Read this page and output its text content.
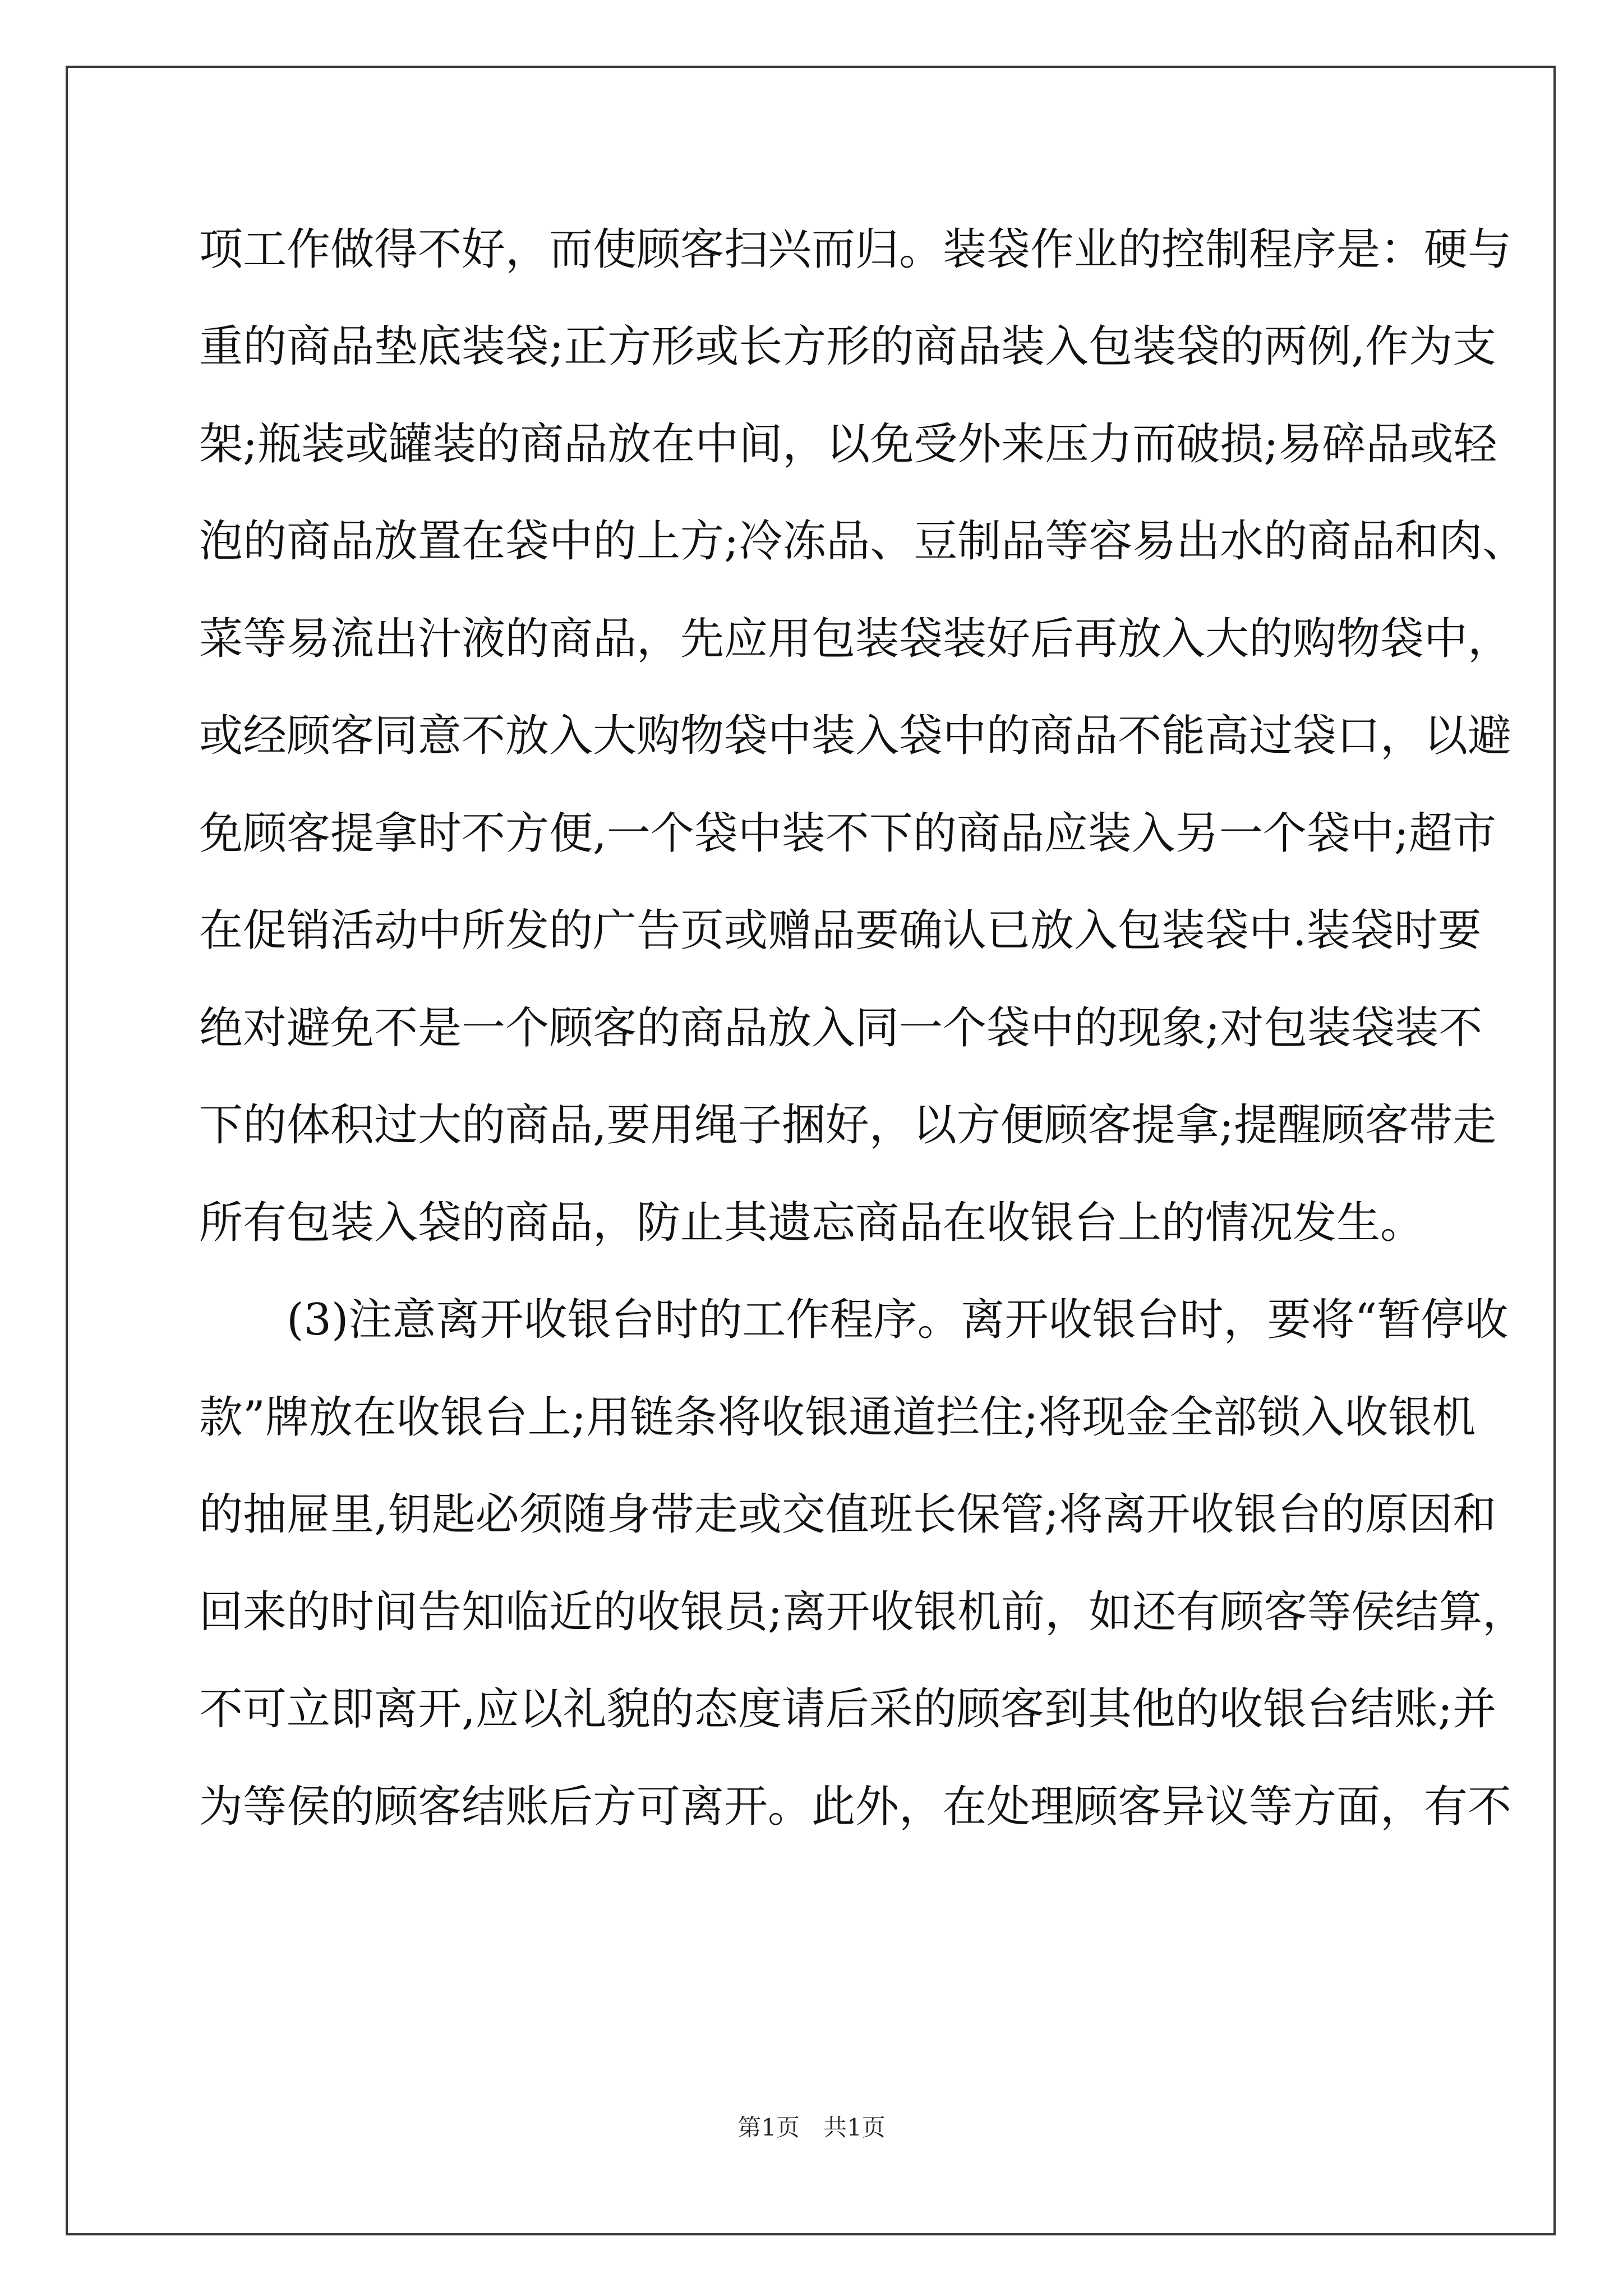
项工作做得不好，而使顾客扫兴而归。装袋作业的控制程序是：硬与
重的商品垫底装袋;正方形或长方形的商品装入包装袋的两例,作为支
架;瓶装或罐装的商品放在中间，以免受外来压力而破损;易碎品或轻
泡的商品放置在袋中的上方;冷冻品、豆制品等容易出水的商品和肉、
菜等易流出汁液的商品，先应用包装袋装好后再放入大的购物袋中，
或经顾客同意不放入大购物袋中装入袋中的商品不能高过袋口，以避
免顾客提拿时不方便,一个袋中装不下的商品应装入另一个袋中;超市
在促销活动中所发的广告页或赠品要确认已放入包装袋中.装袋时要
绝对避免不是一个顾客的商品放入同一个袋中的现象;对包装袋装不
下的体积过大的商品,要用绳子捆好，以方便顾客提拿;提醒顾客带走
所有包装入袋的商品，防止其遗忘商品在收银台上的情况发生。
　　(3)注意离开收银台时的工作程序。离开收银台时，要将“暂停收
款”牌放在收银台上;用链条将收银通道拦住;将现金全部锁入收银机
的抽屉里,钥匙必须随身带走或交值班长保管;将离开收银台的原因和
回来的时间告知临近的收银员;离开收银机前，如还有顾客等侯结算，
不可立即离开,应以礼貌的态度请后采的顾客到其他的收银台结账;并
为等侯的顾客结账后方可离开。此外，在处理顾客异议等方面，有不
第1页　共1页
